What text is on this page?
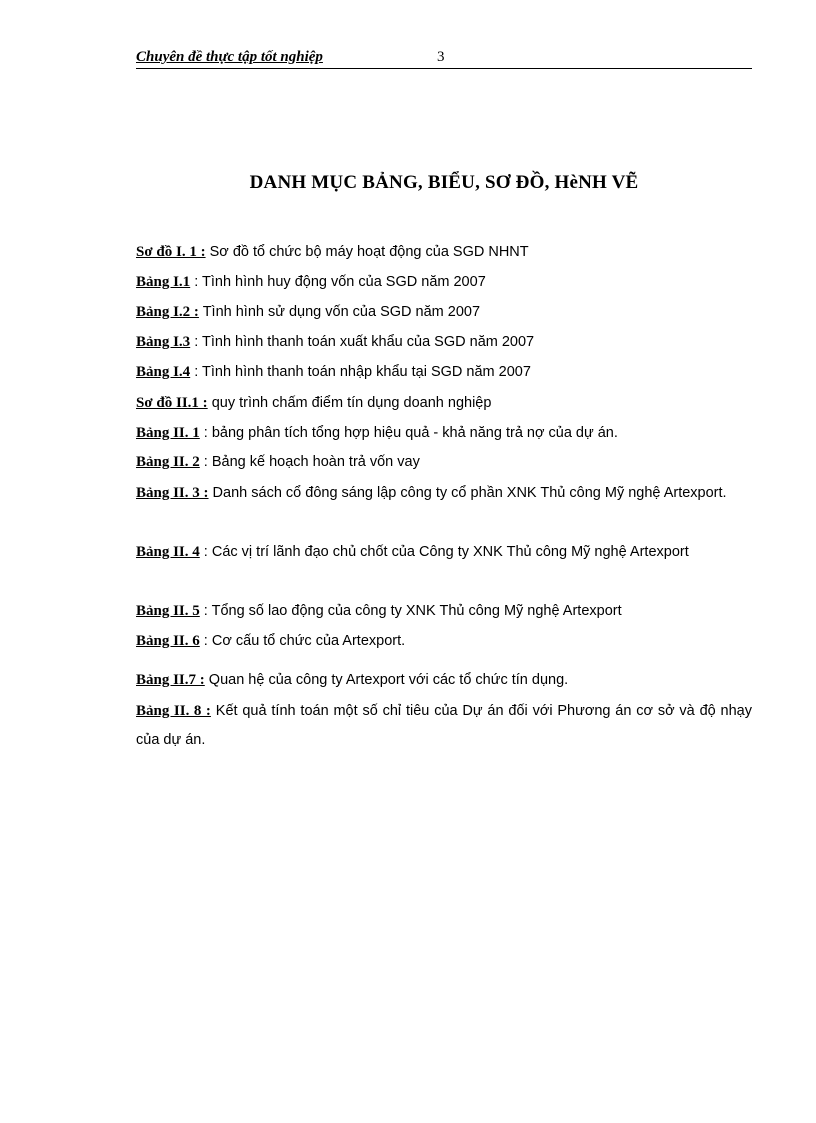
Chuyên đề thực tập tốt nghiệp	3
DANH MỤC BẢNG, BIỂU, SƠ ĐỒ, HèNH VẼ
Sơ đồ I. 1 : Sơ đồ tổ chức bộ máy hoạt động của SGD NHNT
Bảng I.1 : Tình hình huy động vốn của SGD năm 2007
Bảng I.2 : Tình hình sử dụng vốn của SGD năm 2007
Bảng I.3 : Tình hình thanh toán xuất khẩu của SGD năm 2007
Bảng I.4 : Tình hình thanh toán nhập khẩu tại SGD năm 2007
Sơ đồ II.1 : quy trình chấm điểm tín dụng doanh nghiệp
Bảng II. 1 : bảng phân tích tổng hợp hiệu quả - khả năng trả nợ của dự án.
Bảng II. 2 : Bảng kế hoạch hoàn trả vốn vay
Bảng II. 3 : Danh sách cổ đông sáng lập công ty cổ phần XNK Thủ công Mỹ nghệ Artexport.
Bảng II. 4 : Các vị trí lãnh đạo chủ chốt của Công ty XNK Thủ công Mỹ nghệ Artexport
Bảng II. 5 : Tổng số lao động của công ty XNK Thủ công Mỹ nghệ Artexport
Bảng II. 6 : Cơ cấu tổ chức của Artexport.
Bảng II.7 : Quan hệ của công ty Artexport với các tổ chức tín dụng.
Bảng II. 8 : Kết quả tính toán một số chỉ tiêu của Dự án đối với Phương án cơ sở và độ nhạy của dự án.
